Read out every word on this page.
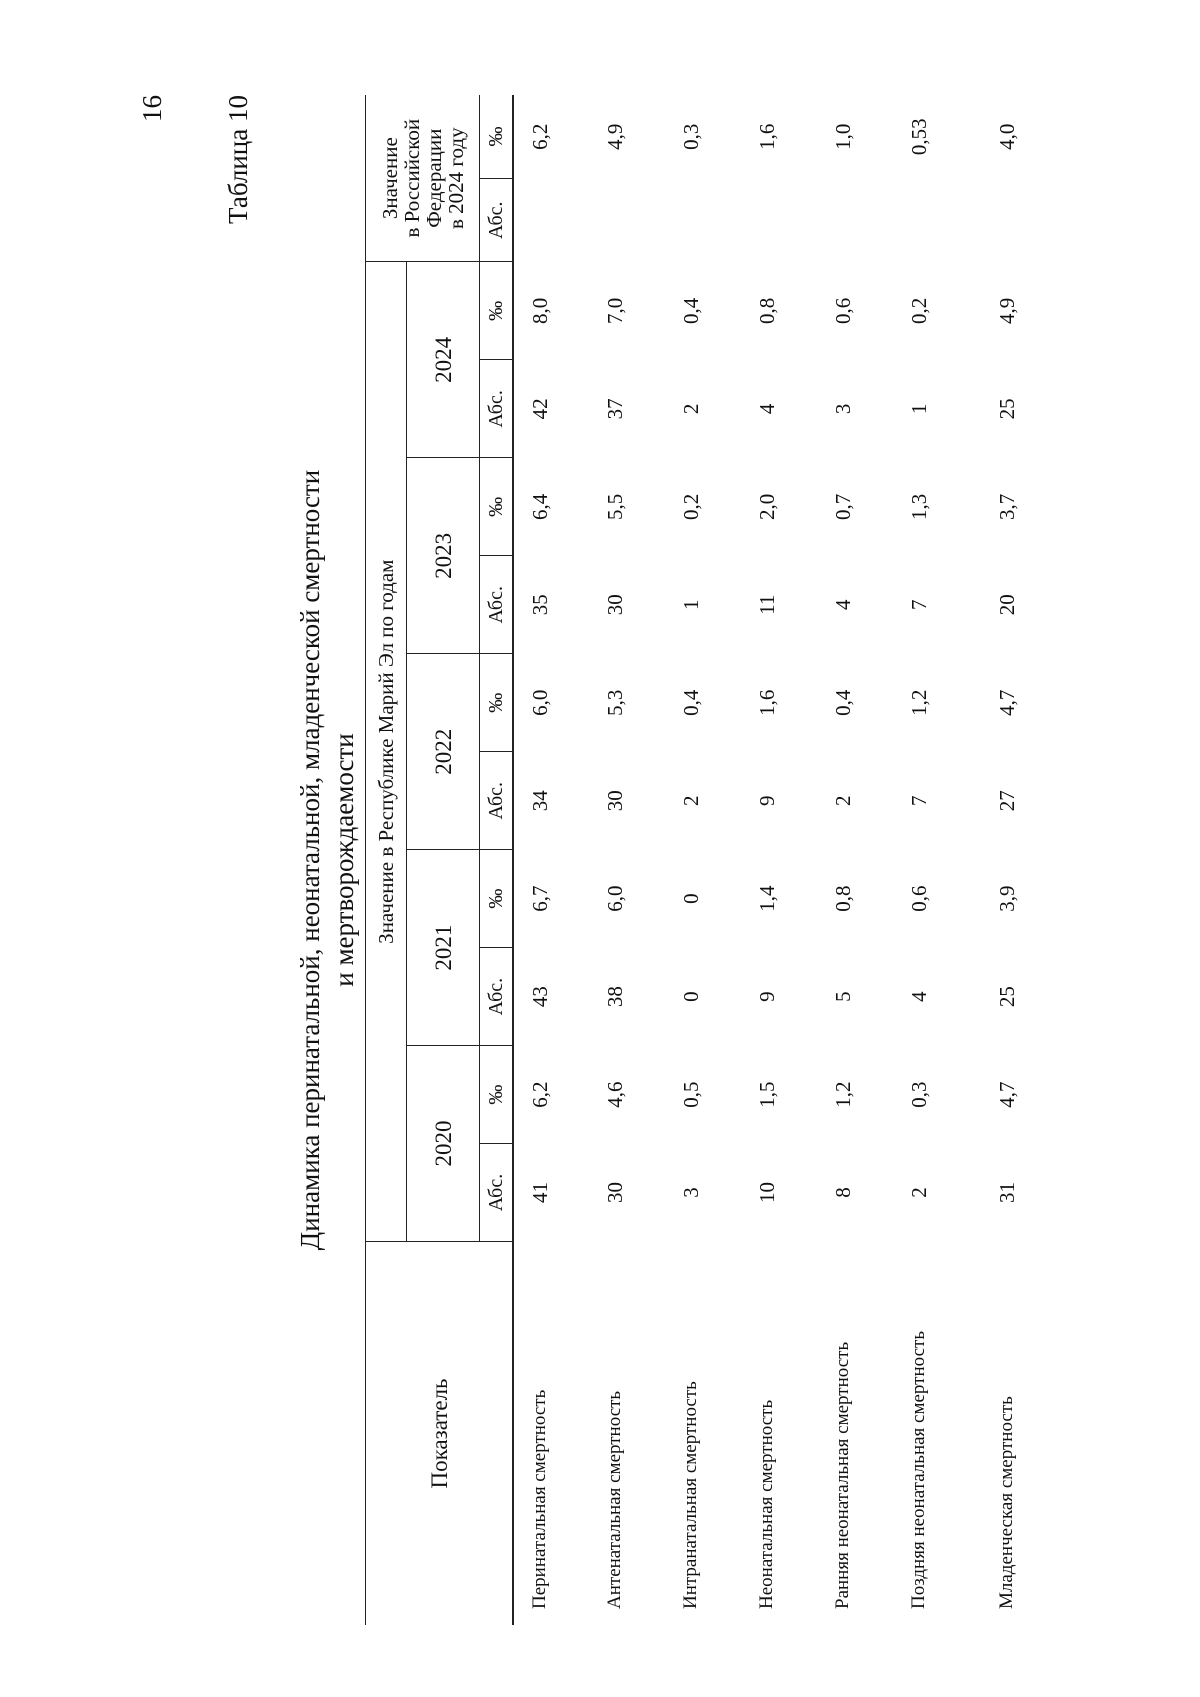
16 Таблица 10
Динамика перинатальной, неонатальной, младенческой смертности и мертворождаемости
Показатель	Значение в Республике Марий Эл по годам										Значение
в Российской
Федерации
в 2024 году	

	2020		2021		2022		2023		2024			
	Абс.	‰	Абс.	‰	Абс.	‰	Абс.	‰	Абс.	‰	Абс.	‰
Перинатальная смертность	41	6,2	43	6,7	34	6,0	35	6,4	42	8,0		6,2
Антенатальная смертность	30	4,6	38	6,0	30	5,3	30	5,5	37	7,0		4,9
Интранатальная смертность	3	0,5	0	0	2	0,4	1	0,2	2	0,4		0,3
Неонатальная смертность	10	1,5	9	1,4	9	1,6	11	2,0	4	0,8		1,6
Ранняя неонатальная смертность	8	1,2	5	0,8	2	0,4	4	0,7	3	0,6		1,0
Поздняя неонатальная смертность	2	0,3	4	0,6	7	1,2	7	1,3	1	0,2		0,53
Младенческая смертность	31	4,7	25	3,9	27	4,7	20	3,7	25	4,9		4,0
